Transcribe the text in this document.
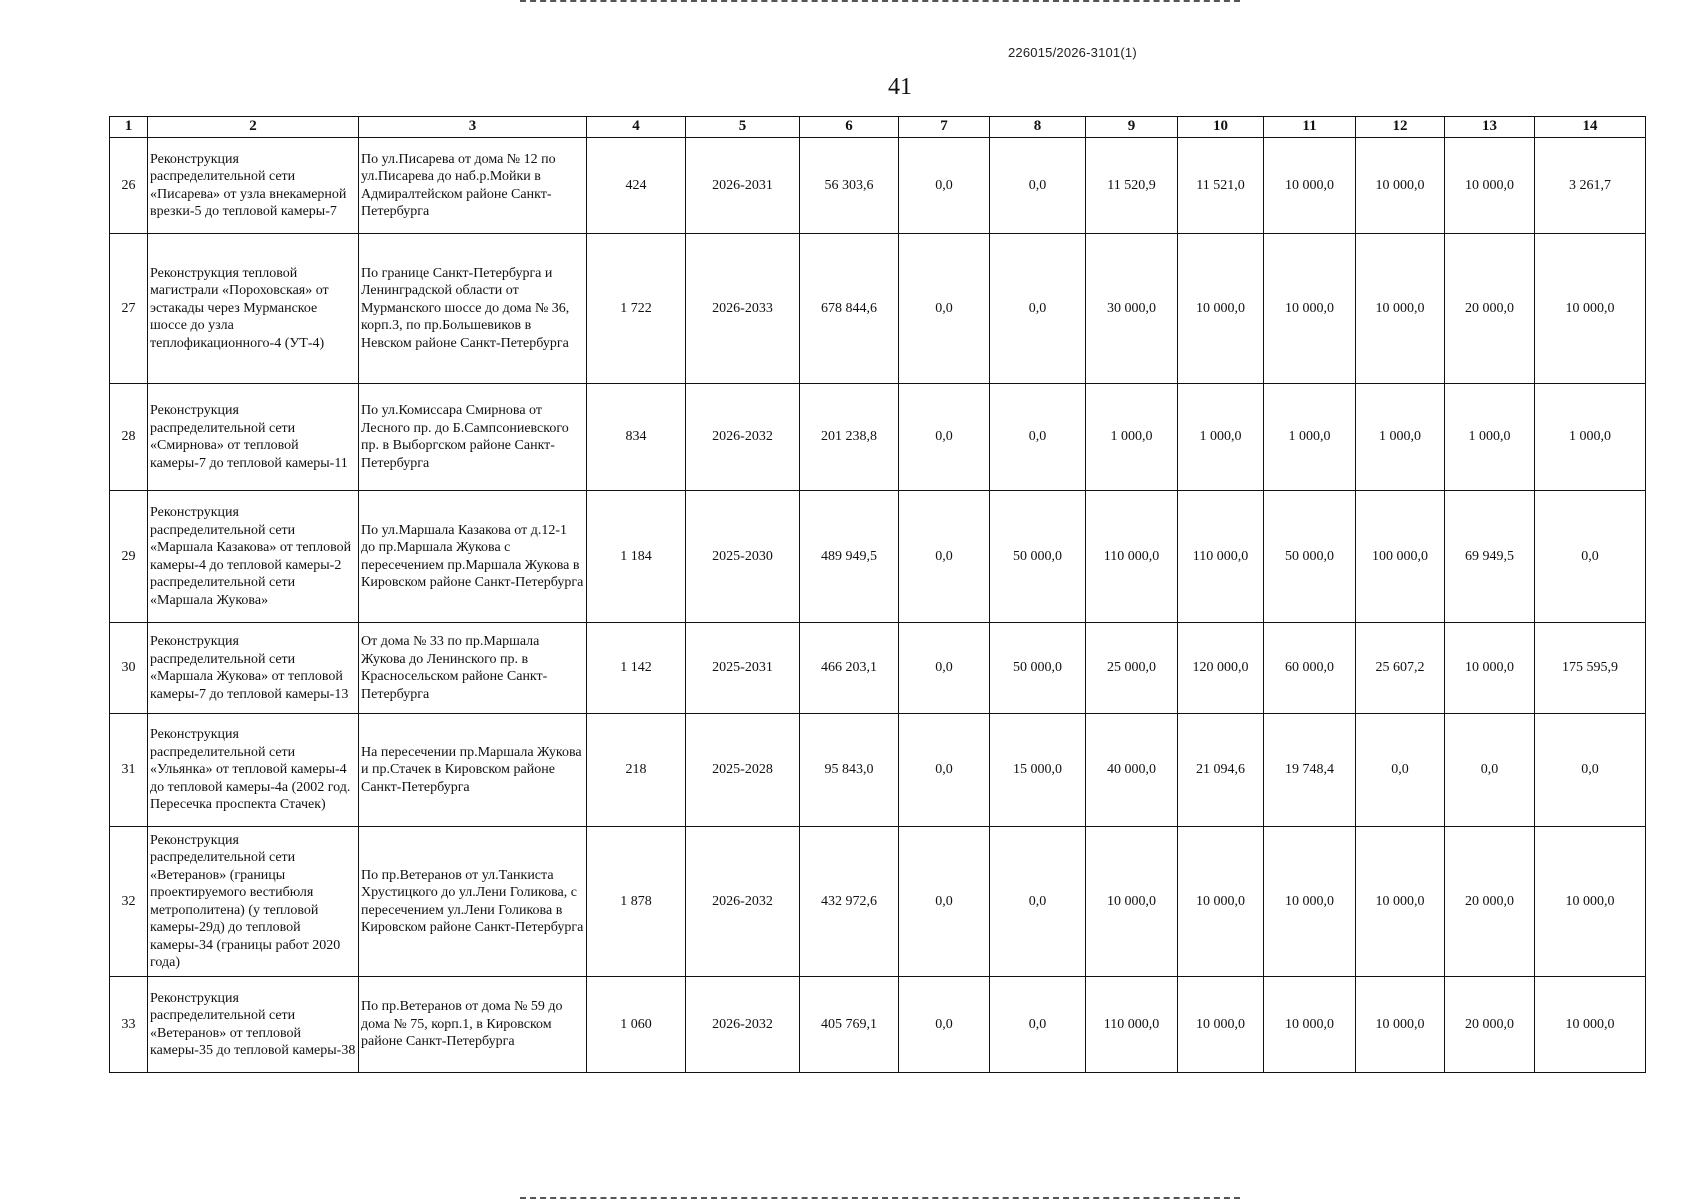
226015/2026-3101(1)
41
1	2	3	4	5	6	7	8	9	10	11	12	13	14
26	Реконструкция распределительной сети «Писарева» от узла внекамерной врезки-5 до тепловой камеры-7	По ул.Писарева от дома № 12 по ул.Писарева до наб.р.Мойки в Адмиралтейском районе Санкт-Петербурга	424	2026-2031	56 303,6	0,0	0,0	11 520,9	11 521,0	10 000,0	10 000,0	10 000,0	3 261,7
27	Реконструкция тепловой магистрали «Пороховская» от эстакады через Мурманское шоссе до узла теплофикационного-4 (УТ-4)	По границе Санкт-Петербурга и Ленинградской области от Мурманского шоссе до дома № 36, корп.3, по пр.Большевиков в Невском районе Санкт-Петербурга	1 722	2026-2033	678 844,6	0,0	0,0	30 000,0	10 000,0	10 000,0	10 000,0	20 000,0	10 000,0
28	Реконструкция распределительной сети «Смирнова» от тепловой камеры-7 до тепловой камеры-11	По ул.Комиссара Смирнова от Лесного пр. до Б.Сампсониевского пр. в Выборгском районе Санкт-Петербурга	834	2026-2032	201 238,8	0,0	0,0	1 000,0	1 000,0	1 000,0	1 000,0	1 000,0	1 000,0
29	Реконструкция распределительной сети «Маршала Казакова» от тепловой камеры-4 до тепловой камеры-2 распределительной сети «Маршала Жукова»	По ул.Маршала Казакова от д.12-1 до пр.Маршала Жукова с пересечением пр.Маршала Жукова в Кировском районе Санкт-Петербурга	1 184	2025-2030	489 949,5	0,0	50 000,0	110 000,0	110 000,0	50 000,0	100 000,0	69 949,5	0,0
30	Реконструкция распределительной сети «Маршала Жукова» от тепловой камеры-7 до тепловой камеры-13	От дома № 33 по пр.Маршала Жукова до Ленинского пр. в Красносельском районе Санкт-Петербурга	1 142	2025-2031	466 203,1	0,0	50 000,0	25 000,0	120 000,0	60 000,0	25 607,2	10 000,0	175 595,9
31	Реконструкция распределительной сети «Ульянка» от тепловой камеры-4 до тепловой камеры-4а (2002 год. Пересечка проспекта Стачек)	На пересечении пр.Маршала Жукова и пр.Стачек в Кировском районе Санкт-Петербурга	218	2025-2028	95 843,0	0,0	15 000,0	40 000,0	21 094,6	19 748,4	0,0	0,0	0,0
32	Реконструкция распределительной сети «Ветеранов» (границы проектируемого вестибюля метрополитена) (у тепловой камеры-29д) до тепловой камеры-34 (границы работ 2020 года)	По пр.Ветеранов от ул.Танкиста Хрустицкого до ул.Лени Голикова, с пересечением ул.Лени Голикова в Кировском районе Санкт-Петербурга	1 878	2026-2032	432 972,6	0,0	0,0	10 000,0	10 000,0	10 000,0	10 000,0	20 000,0	10 000,0
33	Реконструкция распределительной сети «Ветеранов» от тепловой камеры-35 до тепловой камеры-38	По пр.Ветеранов от дома № 59 до дома № 75, корп.1, в Кировском районе Санкт-Петербурга	1 060	2026-2032	405 769,1	0,0	0,0	110 000,0	10 000,0	10 000,0	10 000,0	20 000,0	10 000,0
